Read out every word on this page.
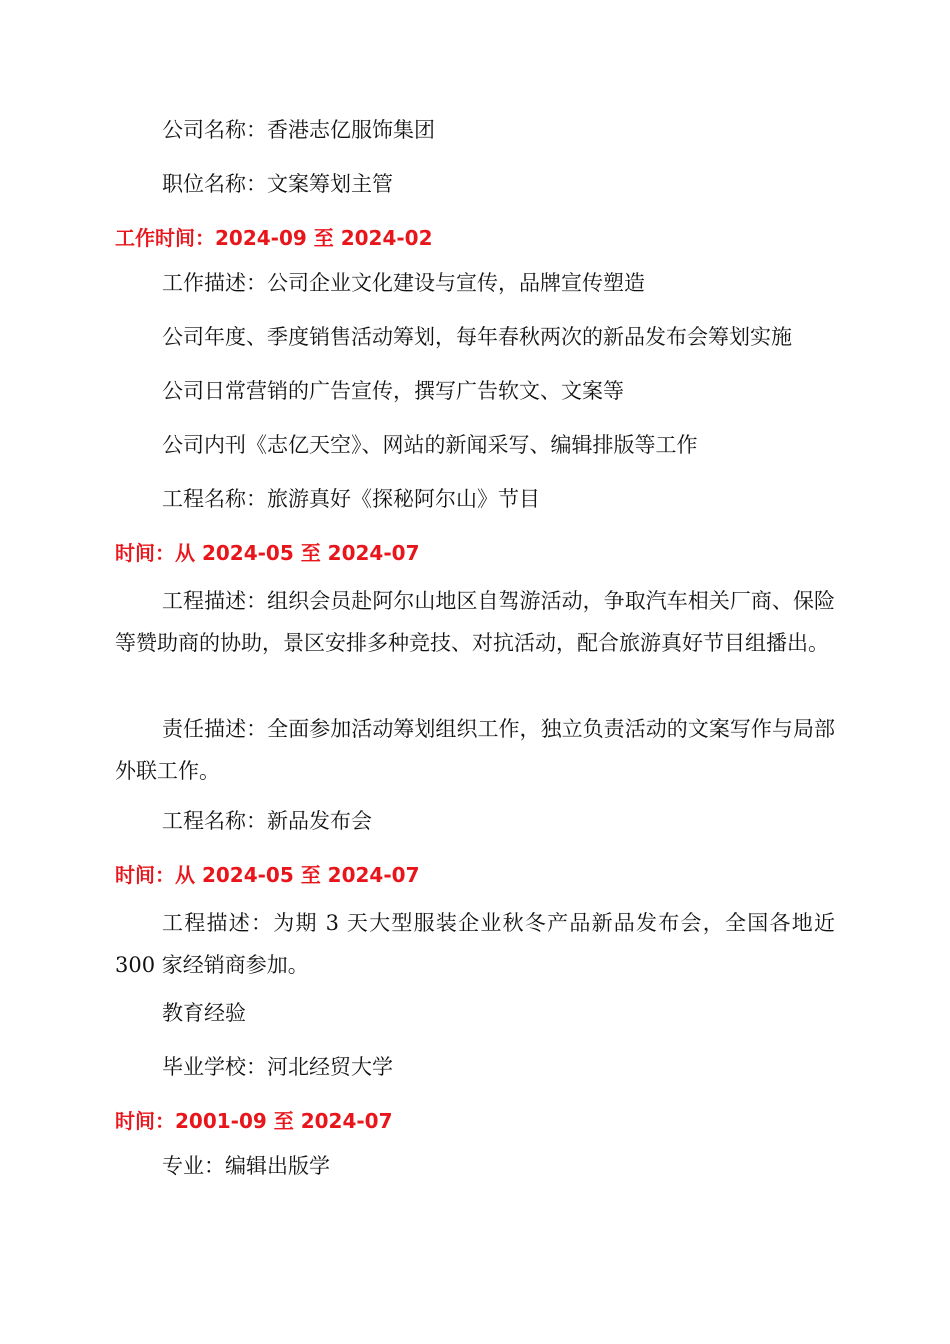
公司名称：香港志亿服饰集团
职位名称：文案筹划主管
工作时间：2024-09 至 2024-02
工作描述：公司企业文化建设与宣传，品牌宣传塑造
公司年度、季度销售活动筹划，每年春秋两次的新品发布会筹划实施
公司日常营销的广告宣传，撰写广告软文、文案等
公司内刊《志亿天空》、网站的新闻采写、编辑排版等工作
工程名称：旅游真好《探秘阿尔山》节目
时间：从 2024-05 至 2024-07
工程描述：组织会员赴阿尔山地区自驾游活动，争取汽车相关厂商、保险等赞助商的协助，景区安排多种竞技、对抗活动，配合旅游真好节目组播出。
责任描述：全面参加活动筹划组织工作，独立负责活动的文案写作与局部外联工作。
工程名称：新品发布会
时间：从 2024-05 至 2024-07
工程描述：为期 3 天大型服装企业秋冬产品新品发布会，全国各地近 300 家经销商参加。
教育经验
毕业学校：河北经贸大学
时间：2001-09 至 2024-07
专业：编辑出版学
